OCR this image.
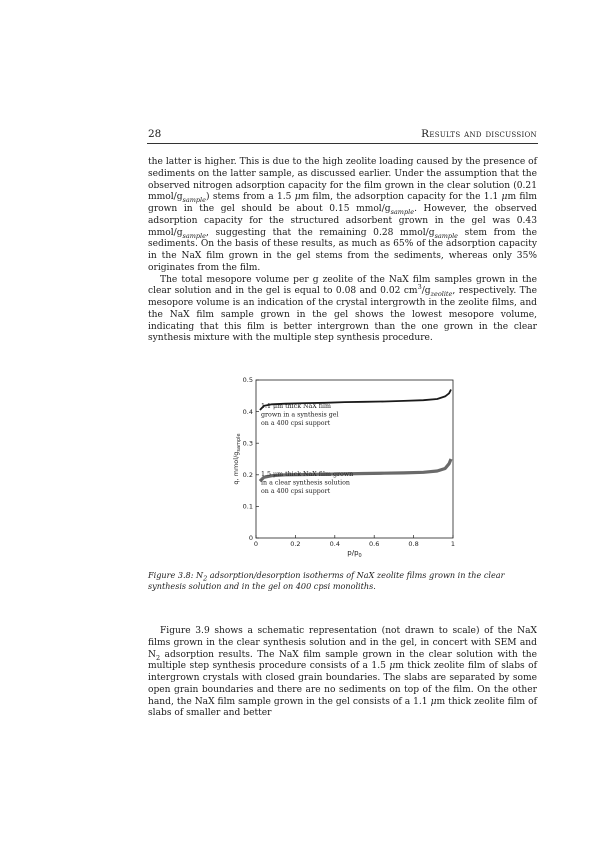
28	Results and discussion

the latter is higher. This is due to the high zeolite loading caused by the presence of sediments on the latter sample, as discussed earlier. Under the assumption that the observed nitrogen adsorption capacity for the film grown in the clear solution (0.21 mmol/$g_{sample}$) stems from a 1.5 μm film, the adsorption capacity for the 1.1 μm film grown in the gel should be about 0.15 mmol/$g_{sample}$. However, the observed adsorption capacity for the structured adsorbent grown in the gel was 0.43 mmol/$g_{sample}$, suggesting that the remaining 0.28 mmol/$g_{sample}$ stem from the sediments. On the basis of these results, as much as 65% of the adsorption capacity in the NaX film grown in the gel stems from the sediments, whereas only 35% originates from the film.

The total mesopore volume per g zeolite of the NaX film samples grown in the clear solution and in the gel is equal to 0.08 and 0.02 $cm^3/g_{zeolite}$, respectively. The mesopore volume is an indication of the crystal intergrowth in the zeolite films, and the NaX film sample grown in the gel shows the lowest mesopore volume, indicating that this film is better intergrown than the one grown in the clear synthesis mixture with the multiple step synthesis procedure.

0	0.2	0.4	0.6	0.8	1
0
0.1
0.2
0.3
0.4
0.5
$p/p_0$
q, mmol/$g_{sample}$
1.1 μm thick NaX film
grown in a synthesis gel
on a 400 cpsi support
1.5 μm thick NaX film grown
in a clear synthesis solution
on a 400 cpsi support
Figure 3.8: $N_2$ adsorption/desorption isotherms of NaX zeolite films grown in the clear synthesis solution and in the gel on 400 cpsi monoliths.

Figure 3.9 shows a schematic representation (not drawn to scale) of the NaX films grown in the clear synthesis solution and in the gel, in concert with SEM and $N_2$ adsorption results. The NaX film sample grown in the clear solution with the multiple step synthesis procedure consists of a 1.5 μm thick zeolite film of slabs of intergrown crystals with closed grain boundaries. The slabs are separated by some open grain boundaries and there are no sediments on top of the film. On the other hand, the NaX film sample grown in the gel consists of a 1.1 μm thick zeolite film of slabs of smaller and better
